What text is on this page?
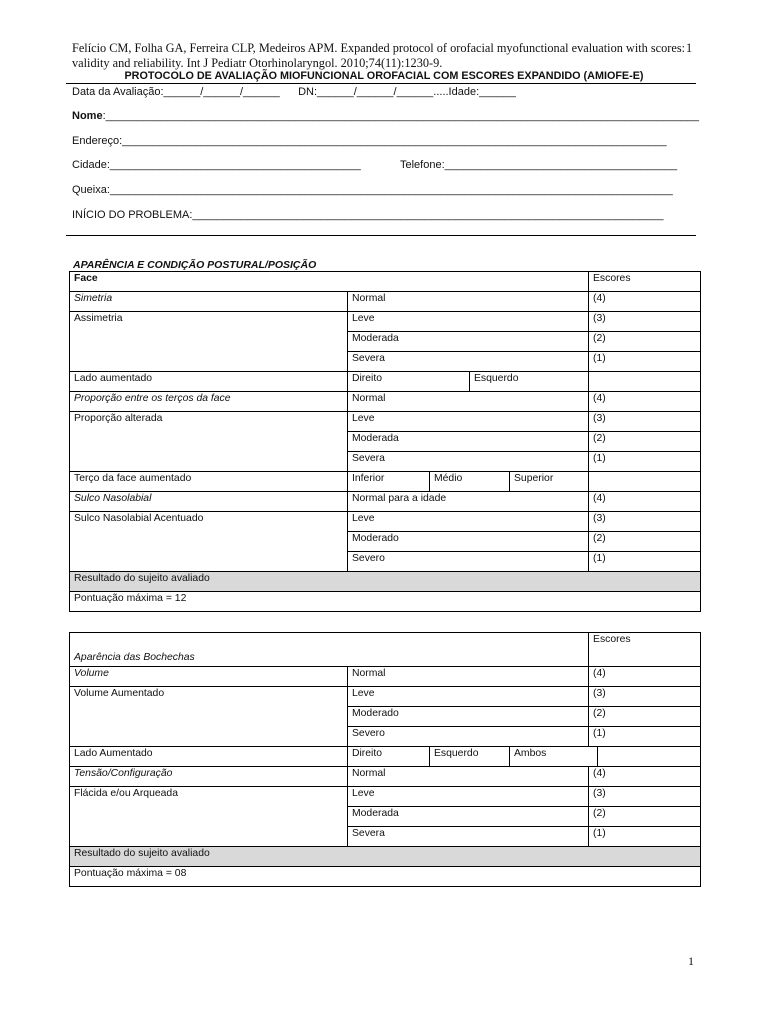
Felício CM, Folha GA, Ferreira CLP, Medeiros APM. Expanded protocol of orofacial myofunctional evaluation with scores: validity and reliability. Int J Pediatr Otorhinolaryngol. 2010;74(11):1230-9.
1
PROTOCOLO DE AVALIAÇÃO MIOFUNCIONAL OROFACIAL COM ESCORES EXPANDIDO (AMIOFE-E)
Data da Avaliação:______/______/______      DN:______/______/______.....Idade:______
Nome:_________________________________________________________________________________________________
Endereço:_________________________________________________________________________________________
Cidade:_________________________________________	Telefone:______________________________________
Queixa:____________________________________________________________________________________________
INÍCIO DO PROBLEMA:_____________________________________________________________________________
APARÊNCIA E CONDIÇÃO POSTURAL/POSIÇÃO
Face		Escores
Simetria	Normal	(4)
Assimetria	Leve	(3)
	Moderada	(2)
	Severa	(1)
Lado aumentado	Direito Esquerdo	

Proporção entre os terços da face	Normal	(4)
Proporção alterada	Leve	(3)
	Moderada	(2)
	Severa	(1)
Terço da face aumentado	Inferior Médio Superior	

Sulco Nasolabial	Normal para a idade	(4)
Sulco Nasolabial Acentuado	Leve	(3)
	Moderado	(2)
	Severo	(1)
Resultado do sujeito avaliado		
Pontuação máxima = 12		
Aparência das Bochechas		Escores
Volume	Normal	(4)
Volume Aumentado	Leve	(3)
	Moderado	(2)
	Severo	(1)
Lado Aumentado	Direito Esquerdo Ambos	

Tensão/Configuração	Normal	(4)
Flácida e/ou Arqueada	Leve	(3)
	Moderada	(2)
	Severa	(1)
Resultado do sujeito avaliado		
Pontuação máxima = 08		
1
